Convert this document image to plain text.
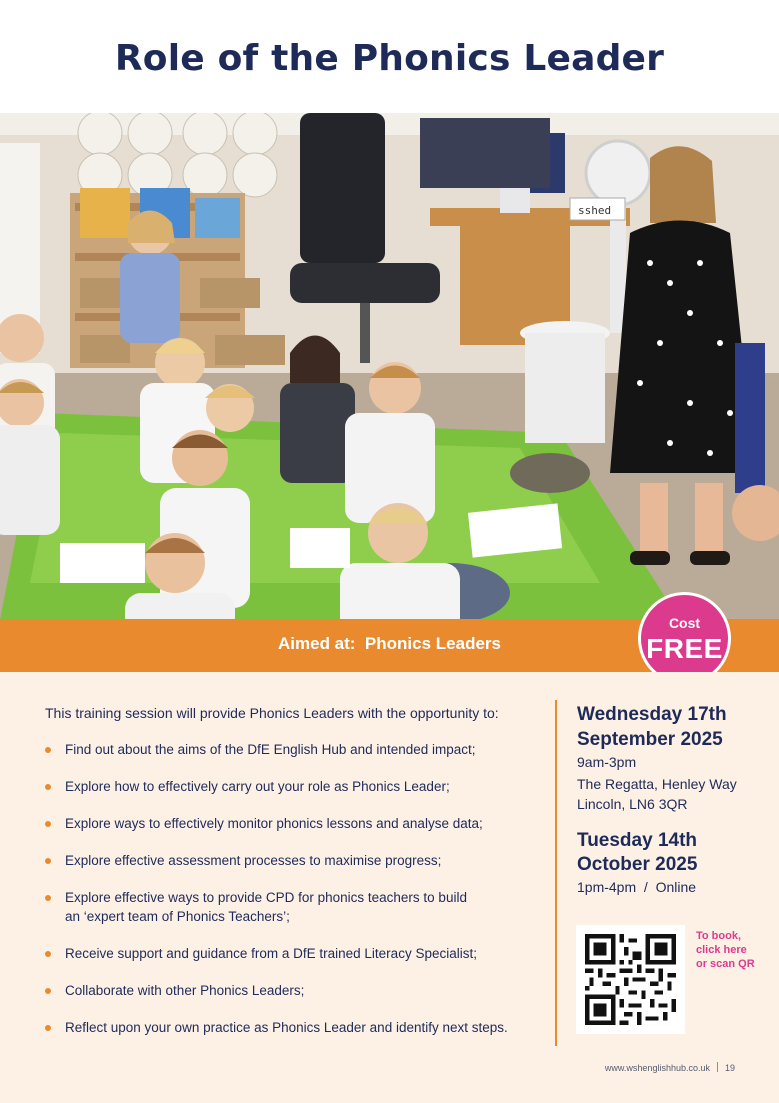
Role of the Phonics Leader
sshed
Aimed at: Phonics Leaders
Cost
FREE

This training session will provide Phonics Leaders with the opportunity to:

Find out about the aims of the DfE English Hub and intended impact;
Explore how to effectively carry out your role as Phonics Leader;
Explore ways to effectively monitor phonics lessons and analyse data;
Explore effective assessment processes to maximise progress;
Explore effective ways to provide CPD for phonics teachers to build an ‘expert team of Phonics Teachers’;
Receive support and guidance from a DfE trained Literacy Specialist;
Collaborate with other Phonics Leaders;
Reflect upon your own practice as Phonics Leader and identify next steps.
Wednesday 17th
September 2025
9am-3pm
The Regatta, Henley Way
Lincoln, LN6 3QR
Tuesday 14th
October 2025
1pm-4pm  /  Online
To book,
click here
or scan QR
www.wshenglishhub.co.uk 19
